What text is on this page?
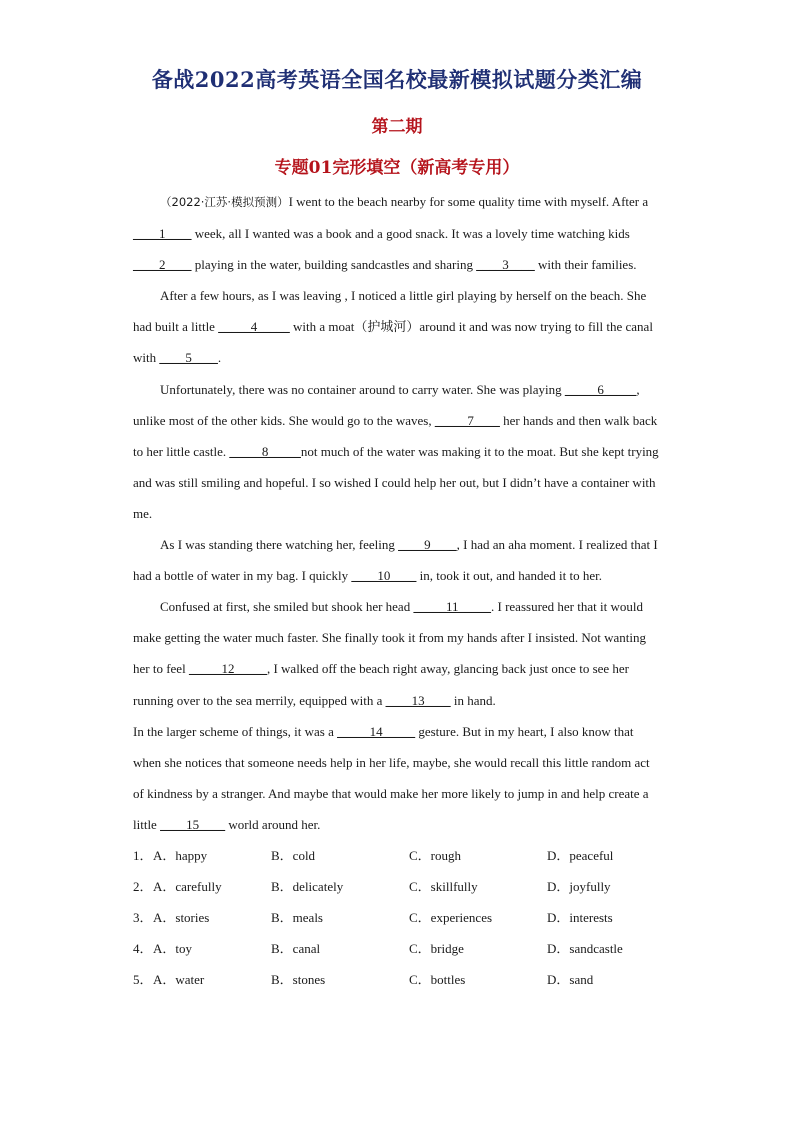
备战2022高考英语全国名校最新模拟试题分类汇编
第二期
专题01完形填空（新高考专用）

（2022·江苏·模拟预测）I went to the beach nearby for some quality time with myself. After a ____1____ week, all I wanted was a book and a good snack. It was a lovely time watching kids ____2____ playing in the water, building sandcastles and sharing ____3____ with their families.

After a few hours, as I was leaving , I noticed a little girl playing by herself on the beach. She had built a little _____4_____ with a moat（护城河）around it and was now trying to fill the canal with ____5____.

Unfortunately, there was no container around to carry water. She was playing _____6_____, unlike most of the other kids. She would go to the waves, _____7____ her hands and then walk back to her little castle. _____8_____not much of the water was making it to the moat. But she kept trying and was still smiling and hopeful. I so wished I could help her out, but I didn’t have a container with me.

As I was standing there watching her, feeling ____9____, I had an aha moment. I realized that I had a bottle of water in my bag. I quickly ____10____ in, took it out, and handed it to her.

Confused at first, she smiled but shook her head _____11_____. I reassured her that it would make getting the water much faster. She finally took it from my hands after I insisted. Not wanting her to feel _____12_____, I walked off the beach right away, glancing back just once to see her running over to the sea merrily, equipped with a ____13____ in hand.

In the larger scheme of things, it was a _____14_____ gesture. But in my heart, I also know that when she notices that someone needs help in her life, maybe, she would recall this little random act of kindness by a stranger. And maybe that would make her more likely to jump in and help create a little ____15____ world around her.

1． A．happy	B．cold	C．rough	D．peaceful
2． A．carefully	B．delicately	C．skillfully	D．joyfully
3． A．stories	B．meals	C．experiences	D．interests
4． A．toy	B．canal	C．bridge	D．sandcastle
5． A．water	B．stones	C．bottles	D．sand
